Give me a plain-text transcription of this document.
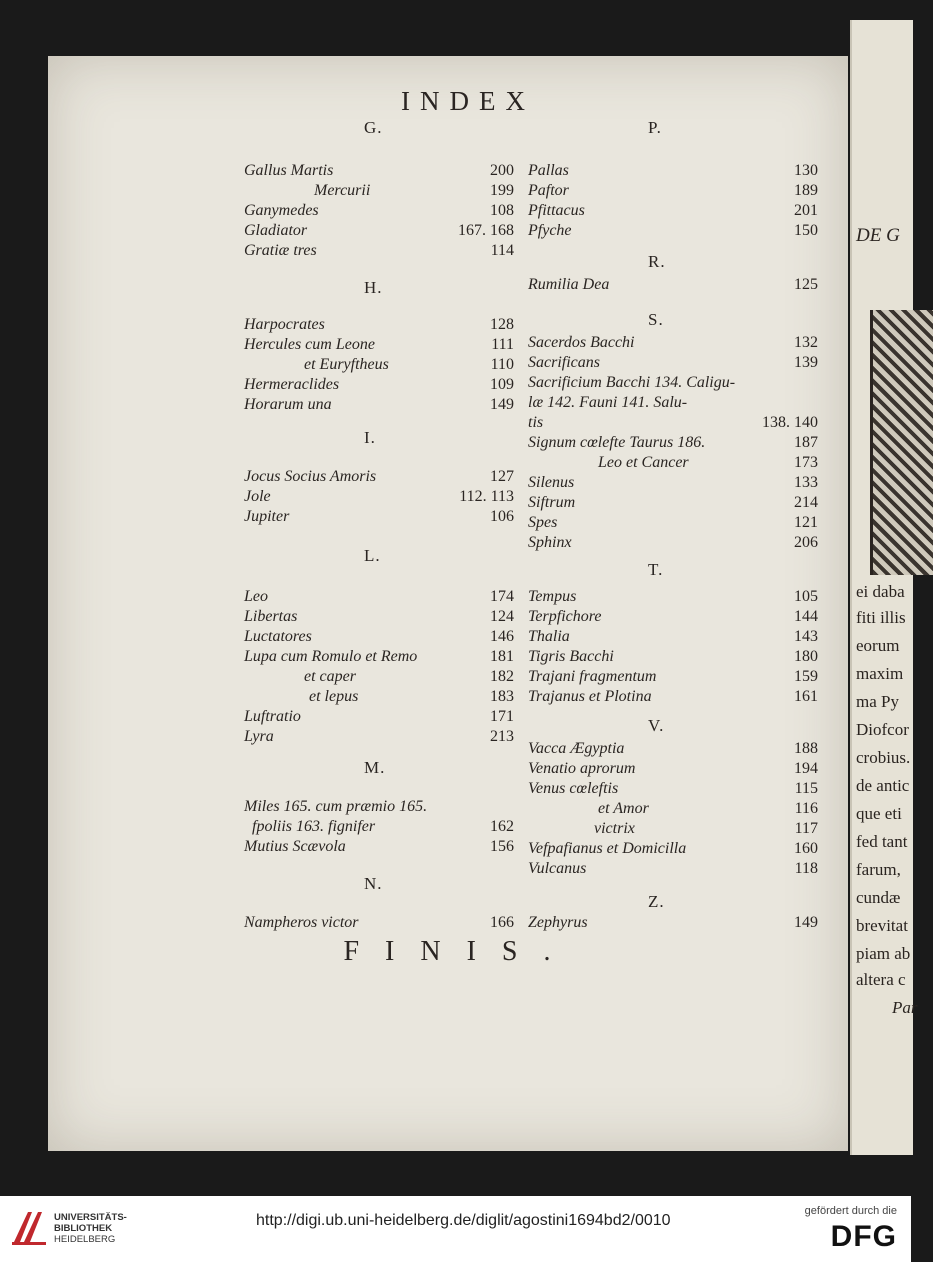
DE G
ei daba
fiti illis
eorum
maxim
ma Py
Diofcor
crobius.
de antic
que eti
fed tant
farum,
cundæ
brevitat
piam ab
altera c
Par
INDEX
G.
Gallus Martis	200
Mercurii	199
Ganymedes	108
Gladiator	167. 168
Gratiæ tres	114
H.
Harpocrates	128
Hercules cum Leone	111
et Euryftheus	110
Hermeraclides	109
Horarum una	149
I.
Jocus Socius Amoris	127
Jole	112. 113
Jupiter	106
L.
Leo	174
Libertas	124
Luctatores	146
Lupa cum Romulo et Remo	181
et caper	182
et lepus	183
Luftratio	171
Lyra	213
M.
Miles 165. cum præmio 165.
fpoliis 163. fignifer	162
Mutius Scævola	156
N.
Nampheros victor	166
P.
Pallas	130
Paftor	189
Pfittacus	201
Pfyche	150
R.
Rumilia Dea	125
S.
Sacerdos Bacchi	132
Sacrificans	139
Sacrificium Bacchi 134. Caligu-
læ 142. Fauni 141. Salu-
tis	138. 140
Signum cœlefte Taurus 186.	187
Leo et Cancer	173
Silenus	133
Siftrum	214
Spes	121
Sphinx	206
T.
Tempus	105
Terpfichore	144
Thalia	143
Tigris Bacchi	180
Trajani fragmentum	159
Trajanus et Plotina	161
V.
Vacca Ægyptia	188
Venatio aprorum	194
Venus cœleftis	115
et Amor	116
victrix	117
Vefpafianus et Domicilla	160
Vulcanus	118
Z.
Zephyrus	149
FINIS.
UNIVERSITÄTS-
BIBLIOTHEK
HEIDELBERG
http://digi.ub.uni-heidelberg.de/diglit/agostini1694bd2/0010
gefördert durch die
DFG
